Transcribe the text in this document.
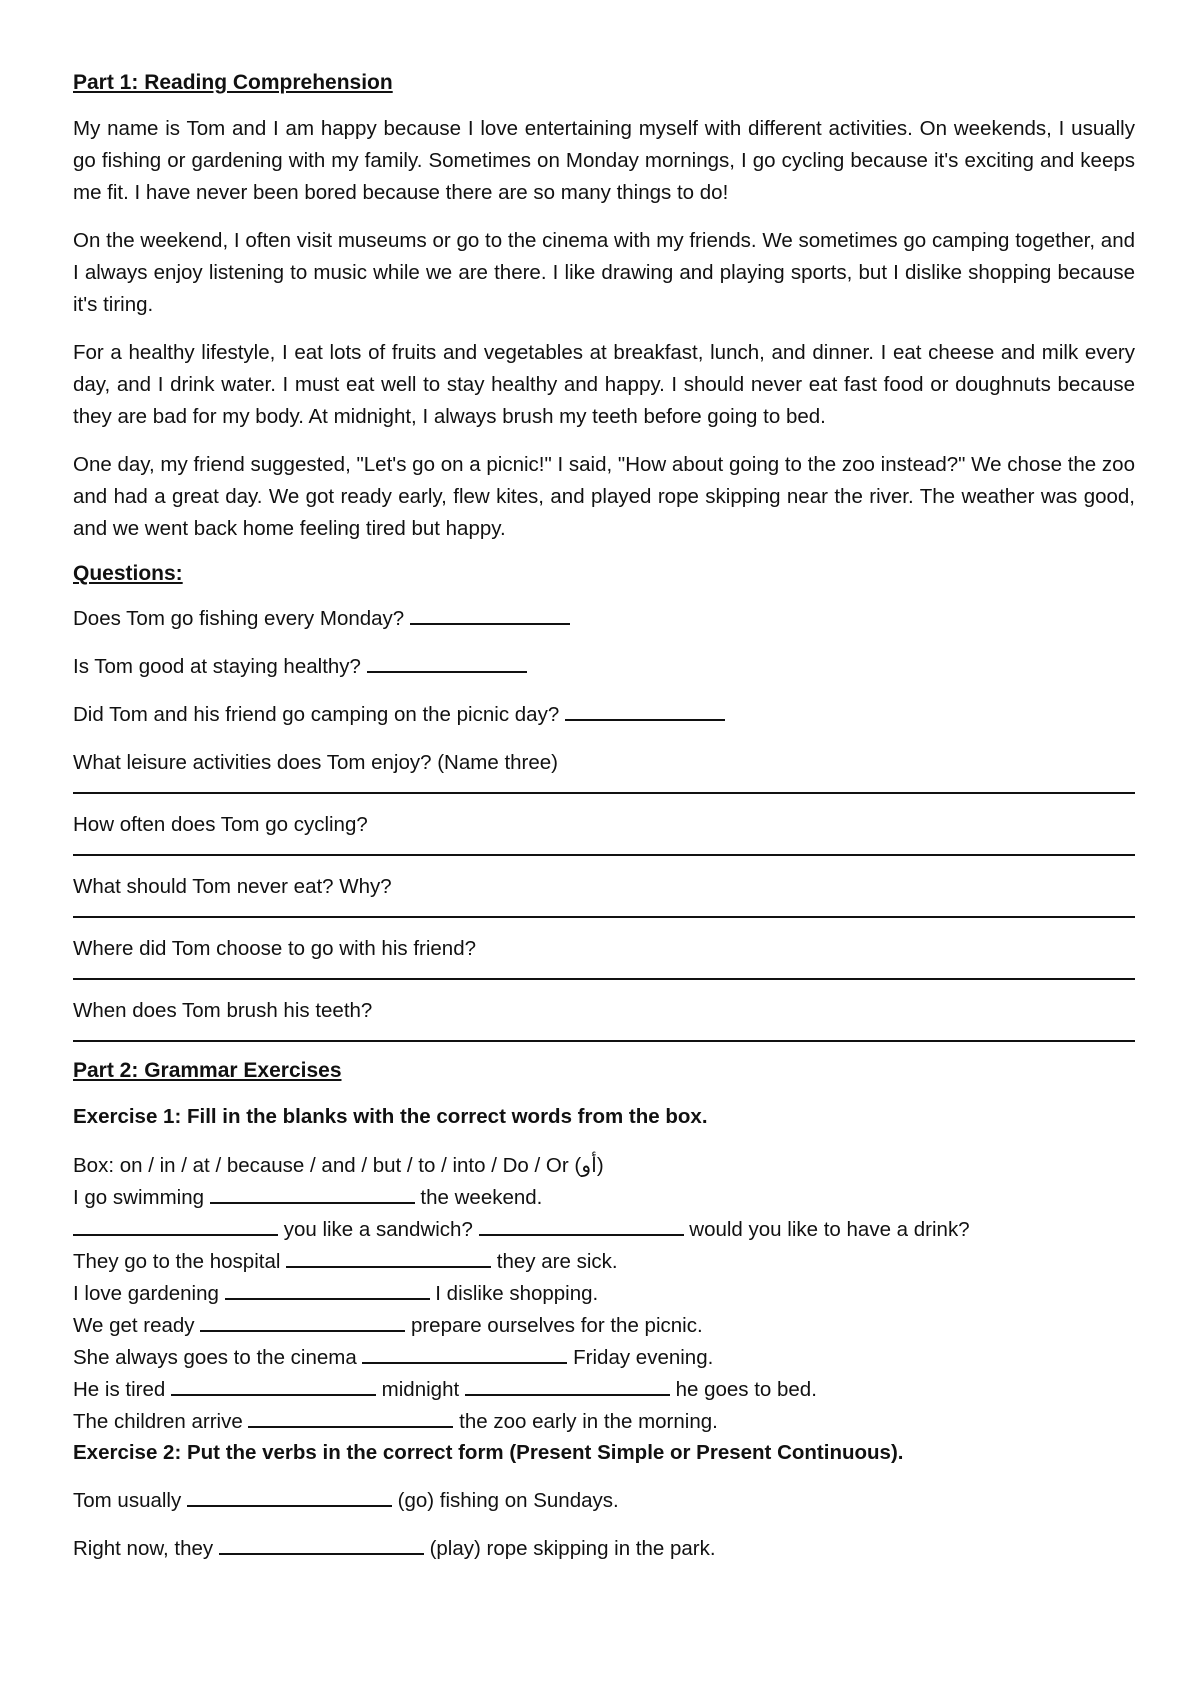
Part 1: Reading Comprehension

My name is Tom and I am happy because I love entertaining myself with different activities. On weekends, I usually go fishing or gardening with my family. Sometimes on Monday mornings, I go cycling because it's exciting and keeps me fit. I have never been bored because there are so many things to do!

On the weekend, I often visit museums or go to the cinema with my friends. We sometimes go camping together, and I always enjoy listening to music while we are there. I like drawing and playing sports, but I dislike shopping because it's tiring.

For a healthy lifestyle, I eat lots of fruits and vegetables at breakfast, lunch, and dinner. I eat cheese and milk every day, and I drink water. I must eat well to stay healthy and happy. I should never eat fast food or doughnuts because they are bad for my body. At midnight, I always brush my teeth before going to bed.

One day, my friend suggested, "Let's go on a picnic!" I said, "How about going to the zoo instead?" We chose the zoo and had a great day. We got ready early, flew kites, and played rope skipping near the river. The weather was good, and we went back home feeling tired but happy.

Questions:
Does Tom go fishing every Monday?
Is Tom good at staying healthy?
Did Tom and his friend go camping on the picnic day?
What leisure activities does Tom enjoy? (Name three)
How often does Tom go cycling?
What should Tom never eat? Why?
Where did Tom choose to go with his friend?
When does Tom brush his teeth?
Part 2: Grammar Exercises
Exercise 1: Fill in the blanks with the correct words from the box.
Box: on / in / at / because / and / but / to / into / Do / Or (أو)
I go swimming	the weekend.
you like a sandwich?	would you like to have a drink?
They go to the hospital	they are sick.
I love gardening	I dislike shopping.
We get ready	prepare ourselves for the picnic.
She always goes to the cinema	Friday evening.
He is tired	midnight	he goes to bed.
The children arrive	the zoo early in the morning.
Exercise 2: Put the verbs in the correct form (Present Simple or Present Continuous).
Tom usually	(go) fishing on Sundays.
Right now, they	(play) rope skipping in the park.
